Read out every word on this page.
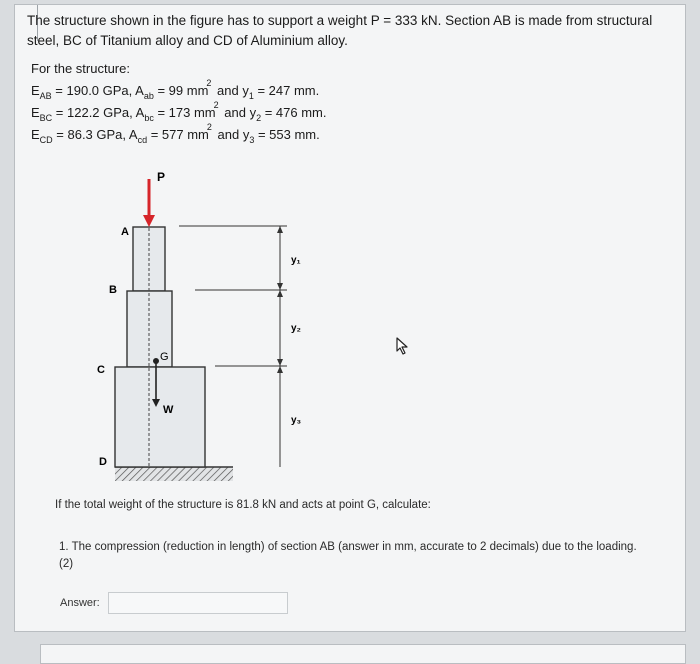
The structure shown in the figure has to support a weight P = 333 kN. Section AB is made from structural steel, BC of Titanium alloy and CD of Aluminium alloy.
For the structure:
$E_{AB} = 190.0$ GPa, $A_{ab} = 99$ $mm^2$ and $y_1 = 247$ mm.
$E_{BC} = 122.2$ GPa, $A_{bc} = 173$ $mm^2$ and $y_2 = 476$ mm.
$E_{CD} = 86.3$ GPa, $A_{cd} = 577$ $mm^2$ and $y_3 = 553$ mm.
P
A
B
C
D
G
W
y₁
y₂
y₃
If the total weight of the structure is 81.8 kN and acts at point G, calculate:
1. The compression (reduction in length) of section AB (answer in mm, accurate to 2 decimals) due to the loading. (2)
Answer:
